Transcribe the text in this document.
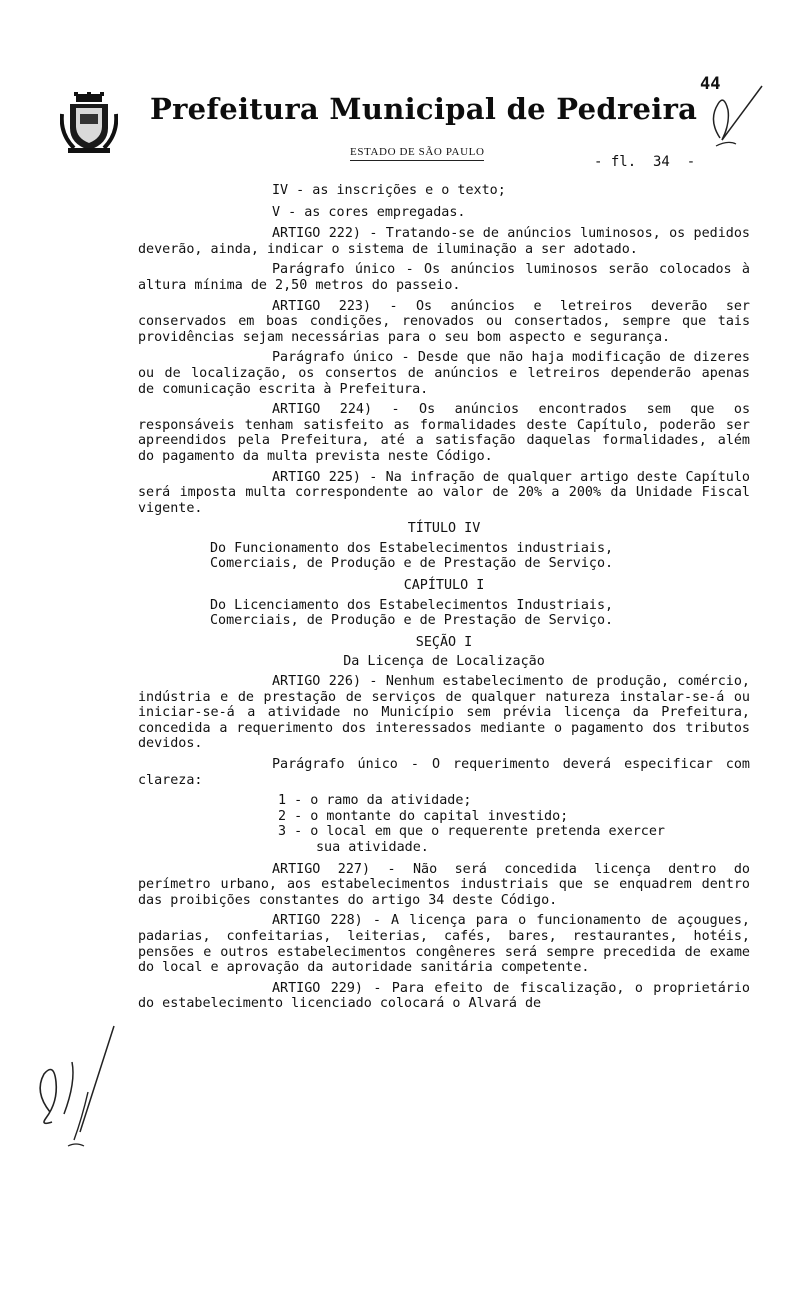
Prefeitura Municipal de Pedreira
ESTADO DE SÃO PAULO
44
- fl.  34  -

IV - as inscrições e o texto;

V - as cores empregadas.

ARTIGO 222) - Tratando-se de anúncios luminosos, os pedidos deverão, ainda, indicar o sistema de iluminação a ser adotado.

Parágrafo único - Os anúncios luminosos serão colocados à altura mínima de 2,50 metros do passeio.

ARTIGO 223) - Os anúncios e letreiros deverão ser conservados em boas condições, renovados ou consertados, sempre que tais providências sejam necessárias para o seu bom aspecto e segurança.

Parágrafo único - Desde que não haja modificação de dizeres ou de localização, os consertos de anúncios e letreiros dependerão apenas de comunicação escrita à Prefeitura.

ARTIGO 224) - Os anúncios encontrados sem que os responsáveis tenham satisfeito as formalidades deste Capítulo, poderão ser apreendidos pela Prefeitura, até a satisfação daquelas formalidades, além do pagamento da multa prevista neste Código.

ARTIGO 225) - Na infração de qualquer artigo deste Capítulo será imposta multa correspondente ao valor de 20% a 200% da Unidade Fiscal vigente.

TÍTULO IV

Do Funcionamento dos Estabelecimentos industriais, Comerciais, de Produção e de Prestação de Serviço.

CAPÍTULO I

Do Licenciamento dos Estabelecimentos Industriais, Comerciais, de Produção e de Prestação de Serviço.

SEÇÃO I

Da Licença de Localização

ARTIGO 226) - Nenhum estabelecimento de produção, comércio, indústria e de prestação de serviços de qualquer natureza instalar-se-á ou iniciar-se-á a atividade no Município sem prévia licença da Prefeitura, concedida a requerimento dos interessados mediante o pagamento dos tributos devidos.

Parágrafo único - O requerimento deverá especificar com clareza:

1 - o ramo da atividade;
2 - o montante do capital investido;
3 - o local em que o requerente pretenda exercer
sua atividade.

ARTIGO 227) - Não será concedida licença dentro do perímetro urbano, aos estabelecimentos industriais que se enquadrem dentro das proibições constantes do artigo 34 deste Código.

ARTIGO 228) - A licença para o funcionamento de açougues, padarias, confeitarias, leiterias, cafés, bares, restaurantes, hotéis, pensões e outros estabelecimentos congêneres será sempre precedida de exame do local e aprovação da autoridade sanitária competente.

ARTIGO 229) - Para efeito de fiscalização, o proprietário do estabelecimento licenciado colocará o Alvará de
